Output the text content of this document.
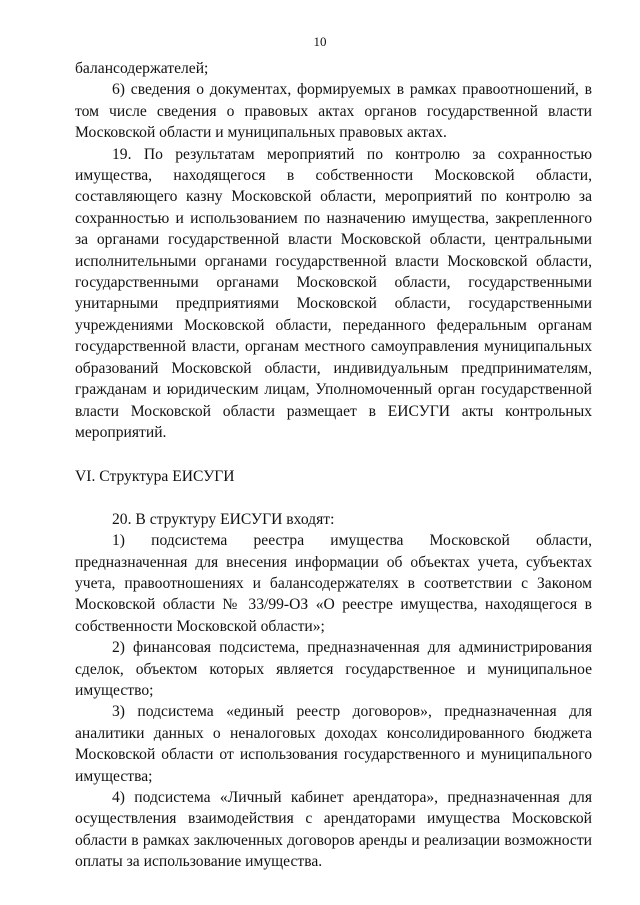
10

балансодержателей;

6) сведения о документах, формируемых в рамках правоотношений, в том числе сведения о правовых актах органов государственной власти Московской области и муниципальных правовых актах.

19. По результатам мероприятий по контролю за сохранностью имущества, находящегося в собственности Московской области, составляющего казну Московской области, мероприятий по контролю за сохранностью и использованием по назначению имущества, закрепленного за органами государственной власти Московской области, центральными исполнительными органами государственной власти Московской области, государственными органами Московской области, государственными унитарными предприятиями Московской области, государственными учреждениями Московской области, переданного федеральным органам государственной власти, органам местного самоуправления муниципальных образований Московской области, индивидуальным предпринимателям, гражданам и юридическим лицам, Уполномоченный орган государственной власти Московской области размещает в ЕИСУГИ акты контрольных мероприятий.

VI. Структура ЕИСУГИ

20. В структуру ЕИСУГИ входят:

1) подсистема реестра имущества Московской области, предназначенная для внесения информации об объектах учета, субъектах учета, правоотношениях и балансодержателях в соответствии с Законом Московской области № 33/99-ОЗ «О реестре имущества, находящегося в собственности Московской области»;

2) финансовая подсистема, предназначенная для администрирования сделок, объектом которых является государственное и муниципальное имущество;

3) подсистема «единый реестр договоров», предназначенная для аналитики данных о неналоговых доходах консолидированного бюджета Московской области от использования государственного и муниципального имущества;

4) подсистема «Личный кабинет арендатора», предназначенная для осуществления взаимодействия с арендаторами имущества Московской области в рамках заключенных договоров аренды и реализации возможности оплаты за использование имущества.
